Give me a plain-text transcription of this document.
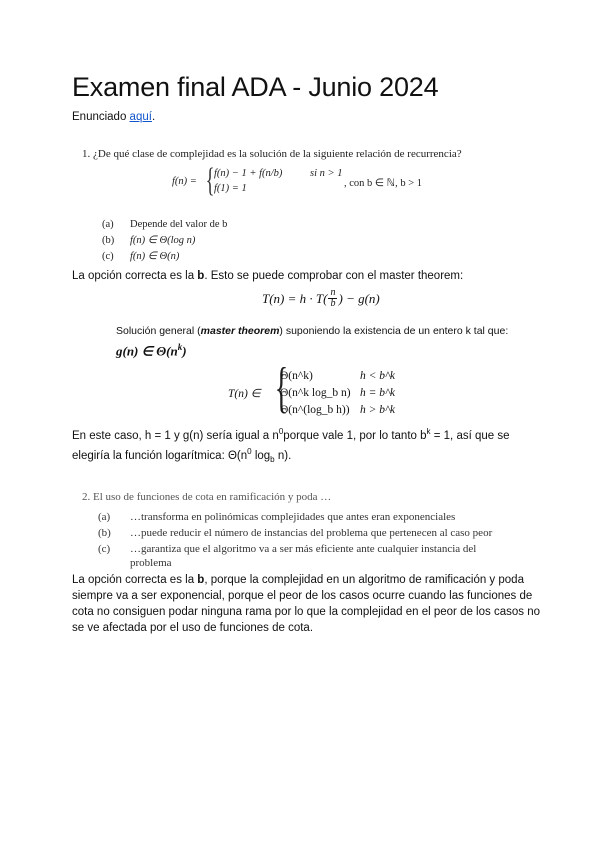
Examen final ADA - Junio 2024
Enunciado aquí.
1. ¿De qué clase de complejidad es la solución de la siguiente relación de recurrencia?
f(n) = { f(n) − 1 + f(n/b)	si n > 1
f(1) = 1	, con b ∈ ℕ, b > 1
(a)	Depende del valor de b
(b)	f(n) ∈ Θ(log n)
(c)	f(n) ∈ Θ(n)
La opción correcta es la b. Esto se puede comprobar con el master theorem:
$T(n) = h \cdot T( \frac{n}{b}$ ) − g(n)
Solución general (master theorem) suponiendo la existencia de un entero k tal que:
g(n) ∈ $\Theta(n^k)$
T(n) ∈ {
Θ(n^k)	h < b^k
Θ(n^k log_b n) h = b^k
Θ(n^(log_b h)) h > b^k
En este caso, h = 1 y g(n) sería igual a $n^0porque$ vale 1, por lo tanto $b^k = 1$, así que se
elegiría la función logarítmica: $\Theta(n^0$ $\log_b n$).
2. El uso de funciones de cota en ramificación y poda …
(a)	…transforma en polinómicas complejidades que antes eran exponenciales
(b)	…puede reducir el número de instancias del problema que pertenecen al caso peor
(c)	…garantiza que el algoritmo va a ser más eficiente ante cualquier instancia del
problema
La opción correcta es la b, porque la complejidad en un algoritmo de ramificación y poda
siempre va a ser exponencial, porque el peor de los casos ocurre cuando las funciones de
cota no consiguen podar ninguna rama por lo que la complejidad en el peor de los casos no
se ve afectada por el uso de funciones de cota.
